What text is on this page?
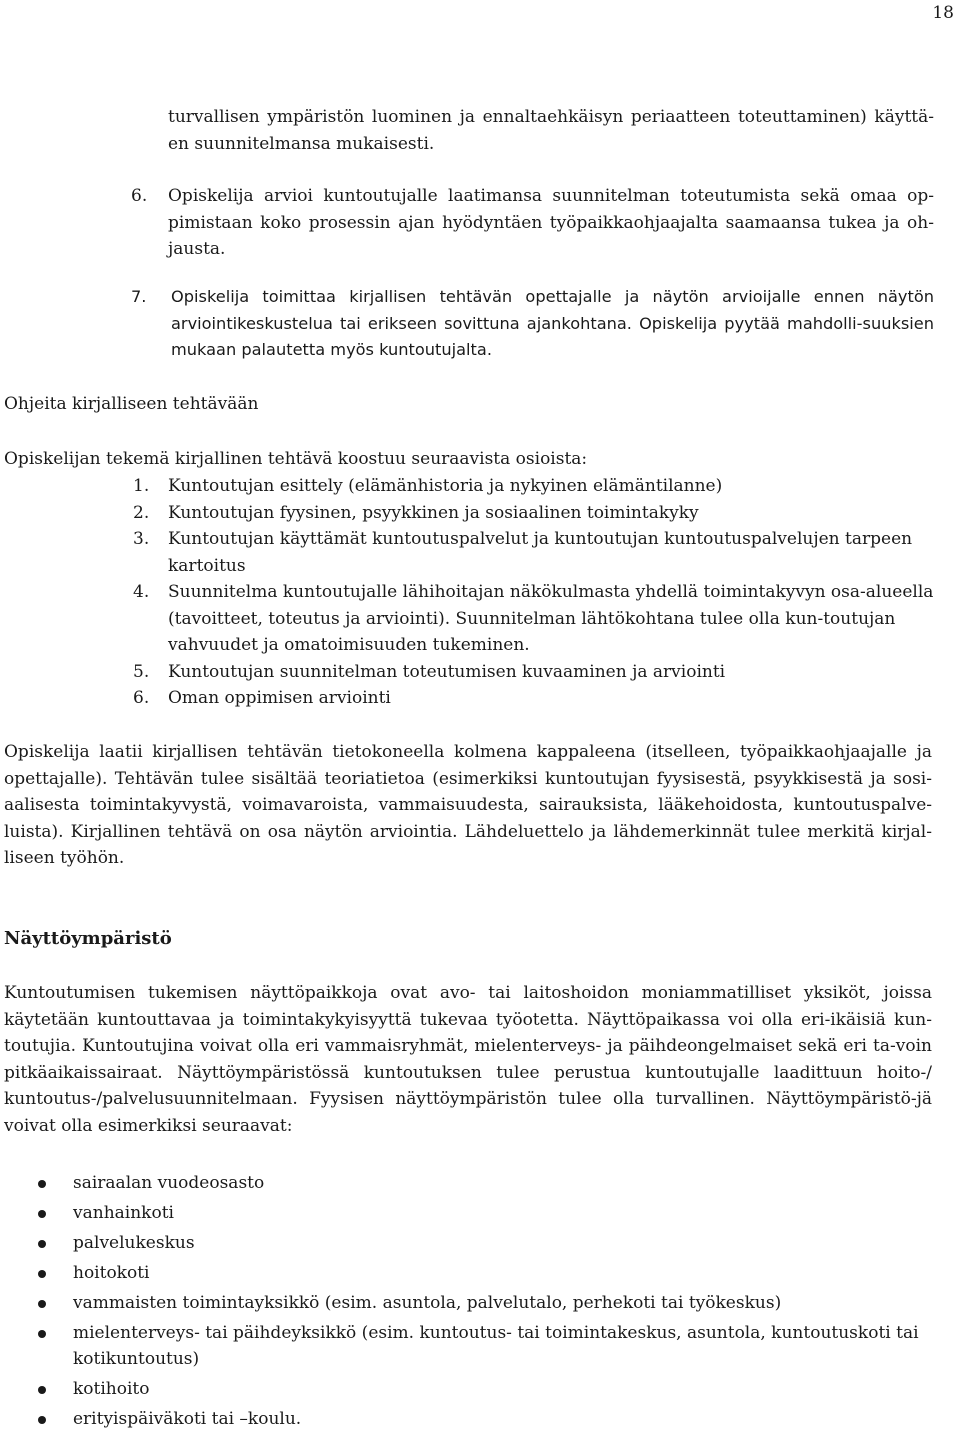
18
turvallisen ympäristön luominen ja ennaltaehkäisyn periaatteen toteuttaminen) käyttä-en suunnitelmansa mukaisesti.
6. Opiskelija arvioi kuntoutujalle laatimansa suunnitelman toteutumista sekä omaa op-pimistaan koko prosessin ajan hyödyntäen työpaikkaohjaajalta saamaansa tukea ja oh-jausta.
7. Opiskelija toimittaa kirjallisen tehtävän opettajalle ja näytön arvioijalle ennen näytön arviointikeskustelua tai erikseen sovittuna ajankohtana. Opiskelija pyytää mahdolli-suuksien mukaan palautetta myös kuntoutujalta.
Ohjeita kirjalliseen tehtävään
Opiskelijan tekemä kirjallinen tehtävä koostuu seuraavista osioista:
1. Kuntoutujan esittely (elämänhistoria ja nykyinen elämäntilanne)
2. Kuntoutujan fyysinen, psyykkinen ja sosiaalinen toimintakyky
3. Kuntoutujan käyttämät kuntoutuspalvelut ja kuntoutujan kuntoutuspalvelujen tarpeen kartoitus
4. Suunnitelma kuntoutujalle lähihoitajan näkökulmasta yhdellä toimintakyvyn osa-alueella (tavoitteet, toteutus ja arviointi). Suunnitelman lähtökohtana tulee olla kun-toutujan vahvuudet ja omatoimisuuden tukeminen.
5. Kuntoutujan suunnitelman toteutumisen kuvaaminen ja arviointi
6. Oman oppimisen arviointi

Opiskelija laatii kirjallisen tehtävän tietokoneella kolmena kappaleena (itselleen, työpaikkaohjaajalle ja opettajalle). Tehtävän tulee sisältää teoriatietoa (esimerkiksi kuntoutujan fyysisestä, psyykkisestä ja sosi-aalisesta toimintakyvystä, voimavaroista, vammaisuudesta, sairauksista, lääkehoidosta, kuntoutuspalve-luista). Kirjallinen tehtävä on osa näytön arviointia. Lähdeluettelo ja lähdemerkinnät tulee merkitä kirjal-liseen työhön.

Näyttöympäristö

Kuntoutumisen tukemisen näyttöpaikkoja ovat avo- tai laitoshoidon moniammatilliset yksiköt, joissa käytetään kuntouttavaa ja toimintakykyisyyttä tukevaa työotetta. Näyttöpaikassa voi olla eri-ikäisiä kun-toutujia. Kuntoutujina voivat olla eri vammaisryhmät, mielenterveys- ja päihdeongelmaiset sekä eri ta-voin pitkäaikaissairaat. Näyttöympäristössä kuntoutuksen tulee perustua kuntoutujalle laadittuun hoito-/ kuntoutus-/palvelusuunnitelmaan. Fyysisen näyttöympäristön tulee olla turvallinen. Näyttöympäristö-jä voivat olla esimerkiksi seuraavat:

sairaalan vuodeosasto
vanhainkoti
palvelukeskus
hoitokoti
vammaisten toimintayksikkö (esim. asuntola, palvelutalo, perhekoti tai työkeskus)
mielenterveys- tai päihdeyksikkö (esim. kuntoutus- tai toimintakeskus, asuntola, kuntoutuskoti tai kotikuntoutus)
kotihoito
erityispäiväkoti tai –koulu.
